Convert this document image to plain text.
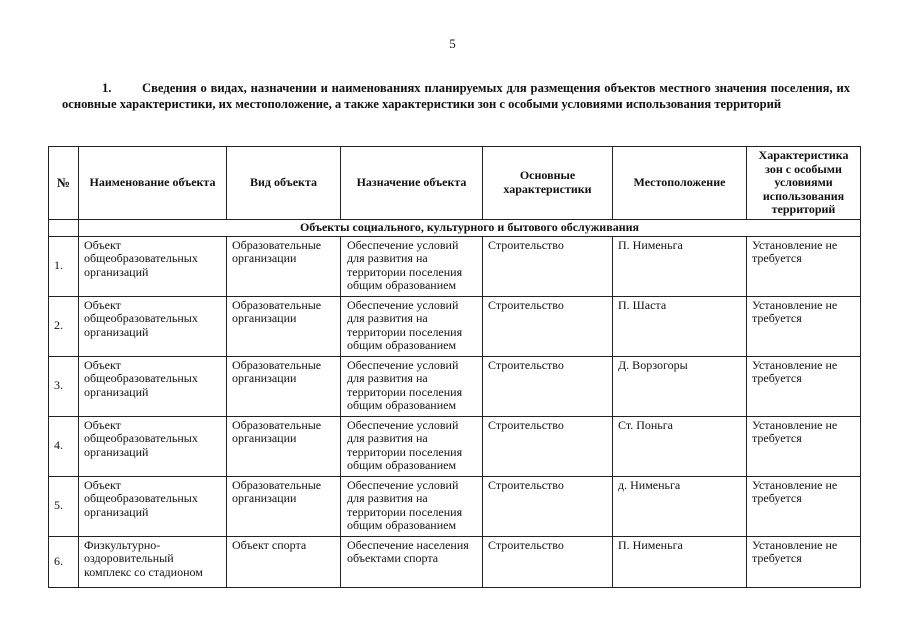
5
1. Сведения о видах, назначении и наименованиях планируемых для размещения объектов местного значения поселения, их основные характеристики, их местоположение, а также характеристики зон с особыми условиями использования территорий
№	Наименование объекта	Вид объекта	Назначение объекта	Основные характеристики	Местоположение	Характеристика зон с особыми условиями использования территорий
	Объекты социального, культурного и бытового обслуживания					
1.	Объект общеобразовательных организаций	Образовательные организации	Обеспечение условий для развития на территории поселения общим образованием	Строительство	П. Нименьга	Установление не требуется
2.	Объект общеобразовательных организаций	Образовательные организации	Обеспечение условий для развития на территории поселения общим образованием	Строительство	П. Шаста	Установление не требуется
3.	Объект общеобразовательных организаций	Образовательные организации	Обеспечение условий для развития на территории поселения общим образованием	Строительство	Д. Ворзогоры	Установление не требуется
4.	Объект общеобразовательных организаций	Образовательные организации	Обеспечение условий для развития на территории поселения общим образованием	Строительство	Ст. Поньга	Установление не требуется
5.	Объект общеобразовательных организаций	Образовательные организации	Обеспечение условий для развития на территории поселения общим образованием	Строительство	д. Нименьга	Установление не требуется
6.	Физкультурно-оздоровительный комплекс со стадионом	Объект спорта	Обеспечение населения объектами спорта	Строительство	П. Нименьга	Установление не требуется
